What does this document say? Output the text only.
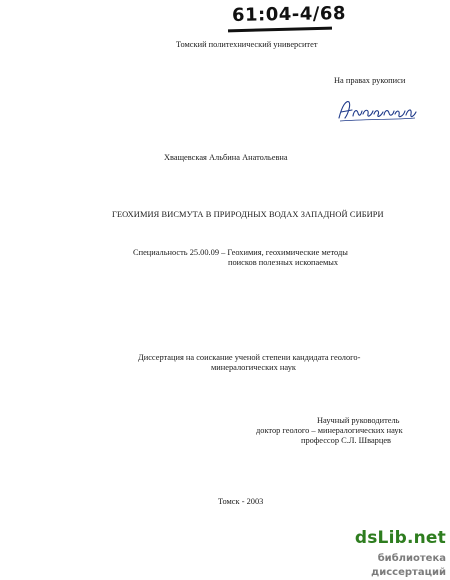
61:04-4/68
Томский политехнический университет
На правах рукописи
Хващевская Альбина Анатольевна
ГЕОХИМИЯ ВИСМУТА В ПРИРОДНЫХ ВОДАХ ЗАПАДНОЙ СИБИРИ
Специальность 25.00.09 – Геохимия, геохимические методы
поисков полезных ископаемых
Диссертация на соискание ученой степени кандидата геолого-
минералогических наук
Научный руководитель
доктор геолого – минералогических наук
профессор С.Л. Шварцев
Томск - 2003
dsLib.net
библиотека диссертаций
